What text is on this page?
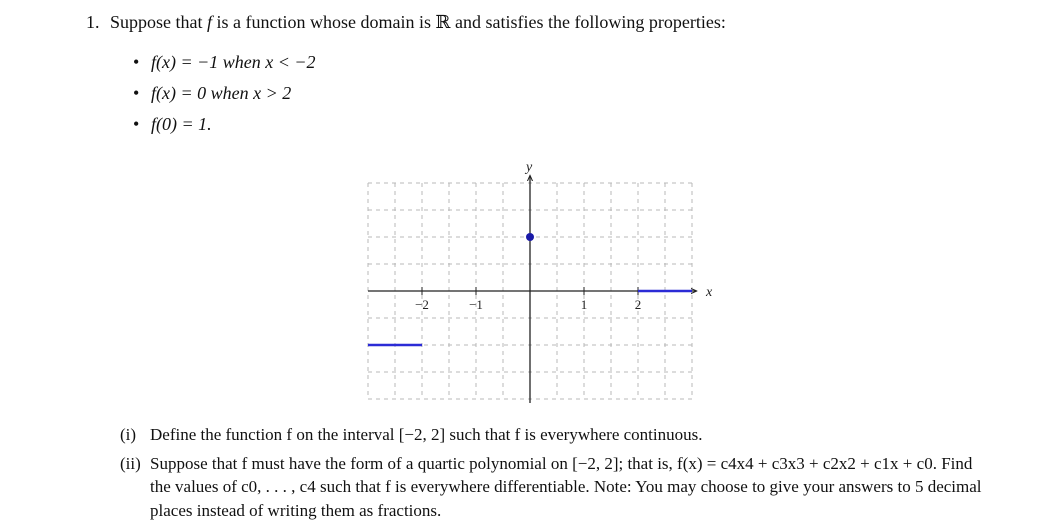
1. Suppose that f is a function whose domain is ℝ and satisfies the following properties:
• f(x) = −1 when x < −2
• f(x) = 0 when x > 2
• f(0) = 1.
−2	−1	1	2
x
y
(i) Define the function f on the interval [−2, 2] such that f is everywhere continuous.
(ii) Suppose that f must have the form of a quartic polynomial on [−2, 2]; that is, f(x) = c4x4 + c3x3 + c2x2 + c1x + c0. Find the values of c0, . . . , c4 such that f is everywhere differentiable. Note: You may choose to give your answers to 5 decimal places instead of writing them as fractions.
